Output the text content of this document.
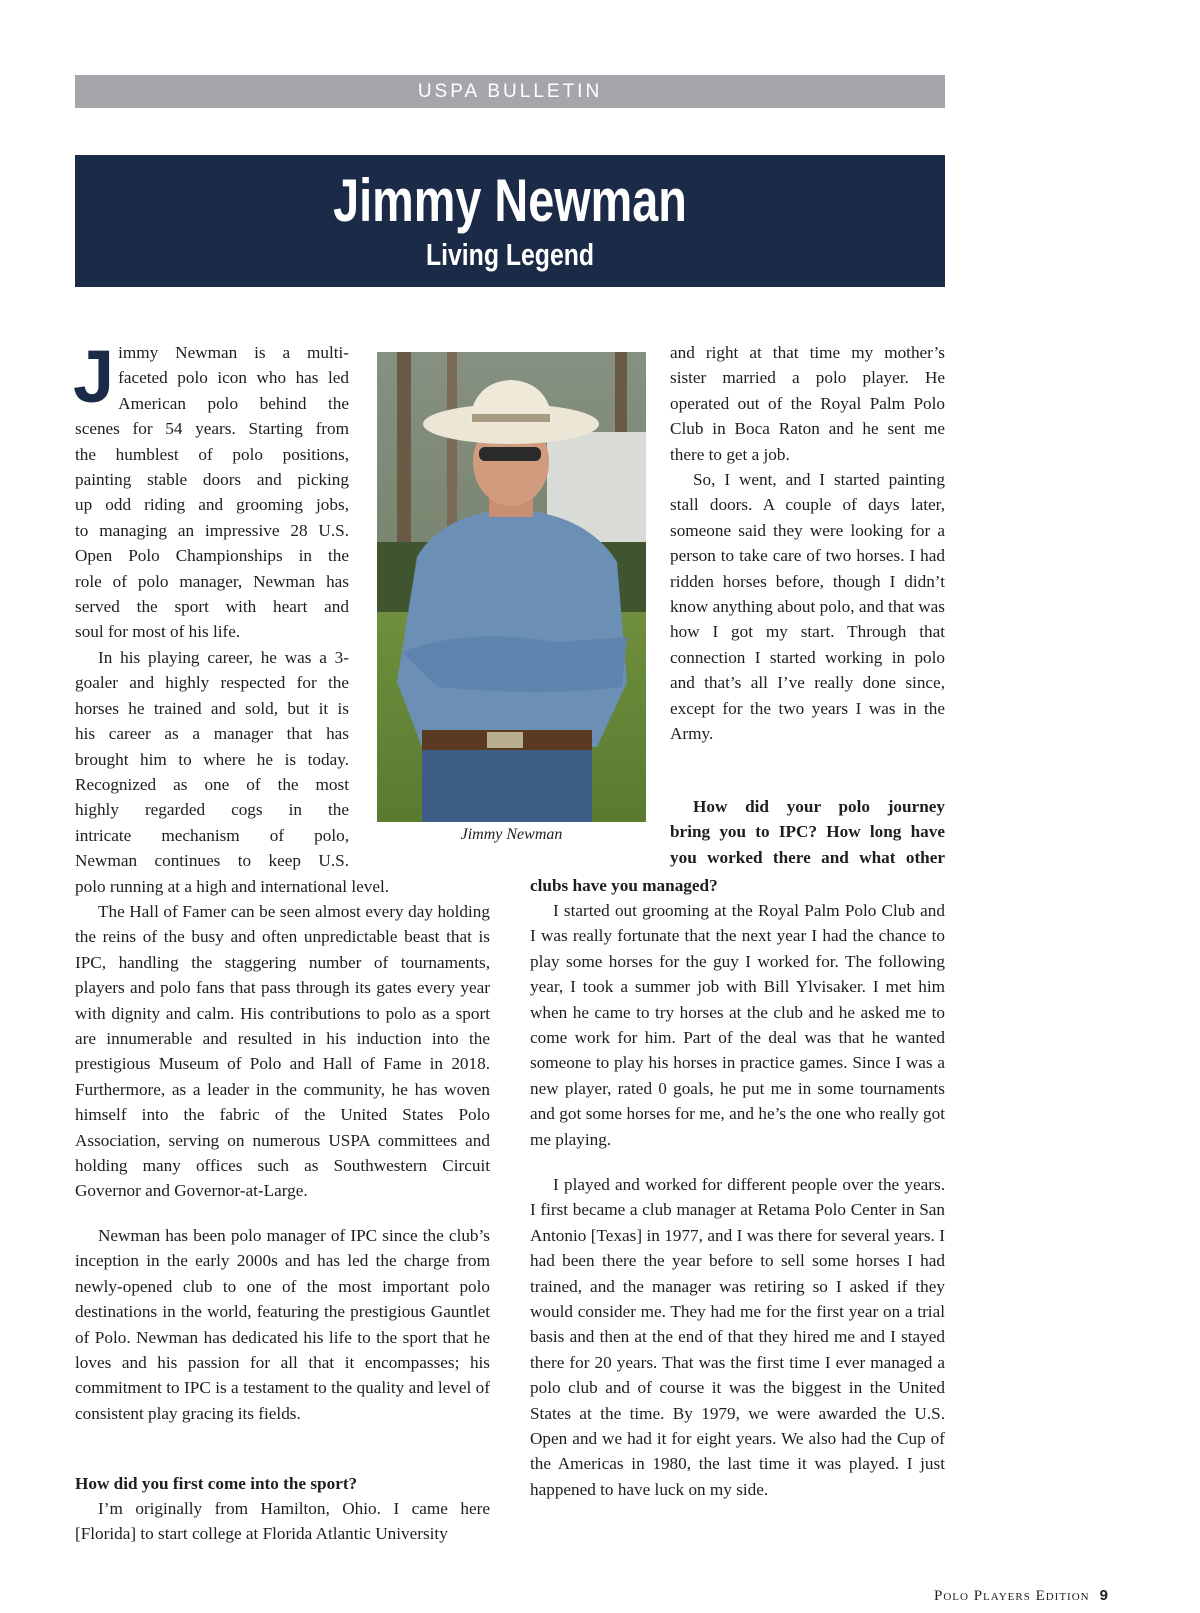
USPA BULLETIN
Jimmy Newman
Living Legend
J immy Newman is a multi-
faceted polo icon who has led
American polo behind the
scenes for 54 years. Starting from
the humblest of polo positions,
painting stable doors and picking
up odd riding and grooming jobs,
to managing an impressive 28 U.S.
Open Polo Championships in the
role of polo manager, Newman has
served the sport with heart and
soul for most of his life.
In his playing career, he was a 3-
goaler and highly respected for the
horses he trained and sold, but it is
his career as a manager that has
brought him to where he is today.
Recognized as one of the most
highly regarded cogs in the
intricate mechanism of polo,
Newman continues to keep U.S.
Jimmy Newman
polo running at a high and international level.
The Hall of Famer can be seen almost every day holding the reins of the busy and often unpredictable beast that is IPC, handling the staggering number of tournaments, players and polo fans that pass through its gates every year with dignity and calm. His contributions to polo as a sport are innumerable and resulted in his induction into the prestigious Museum of Polo and Hall of Fame in 2018. Furthermore, as a leader in the community, he has woven himself into the fabric of the United States Polo Association, serving on numerous USPA committees and holding many offices such as Southwestern Circuit Governor and Governor-at-Large.
Newman has been polo manager of IPC since the club’s inception in the early 2000s and has led the charge from newly-opened club to one of the most important polo destinations in the world, featuring the prestigious Gauntlet of Polo. Newman has dedicated his life to the sport that he loves and his passion for all that it encompasses; his commitment to IPC is a testament to the quality and level of consistent play gracing its fields.
How did you first come into the sport?
I’m originally from Hamilton, Ohio. I came here [Florida] to start college at Florida Atlantic University
and right at that time my mother’s sister married a polo player. He operated out of the Royal Palm Polo Club in Boca Raton and he sent me there to get a job.
So, I went, and I started painting stall doors. A couple of days later, someone said they were looking for a person to take care of two horses. I had ridden horses before, though I didn’t know anything about polo, and that was how I got my start. Through that connection I started working in polo and that’s all I’ve really done since, except for the two years I was in the Army.
How did your polo journey
bring you to IPC? How long have
you worked there and what other
clubs have you managed?
I started out grooming at the Royal Palm Polo Club and I was really fortunate that the next year I had the chance to play some horses for the guy I worked for. The following year, I took a summer job with Bill Ylvisaker. I met him when he came to try horses at the club and he asked me to come work for him. Part of the deal was that he wanted someone to play his horses in practice games. Since I was a new player, rated 0 goals, he put me in some tournaments and got some horses for me, and he’s the one who really got me playing.
I played and worked for different people over the years. I first became a club manager at Retama Polo Center in San Antonio [Texas] in 1977, and I was there for several years. I had been there the year before to sell some horses I had trained, and the manager was retiring so I asked if they would consider me. They had me for the first year on a trial basis and then at the end of that they hired me and I stayed there for 20 years. That was the first time I ever managed a polo club and of course it was the biggest in the United States at the time. By 1979, we were awarded the U.S. Open and we had it for eight years. We also had the Cup of the Americas in 1980, the last time it was played. I just happened to have luck on my side.
Polo Players Edition 9
